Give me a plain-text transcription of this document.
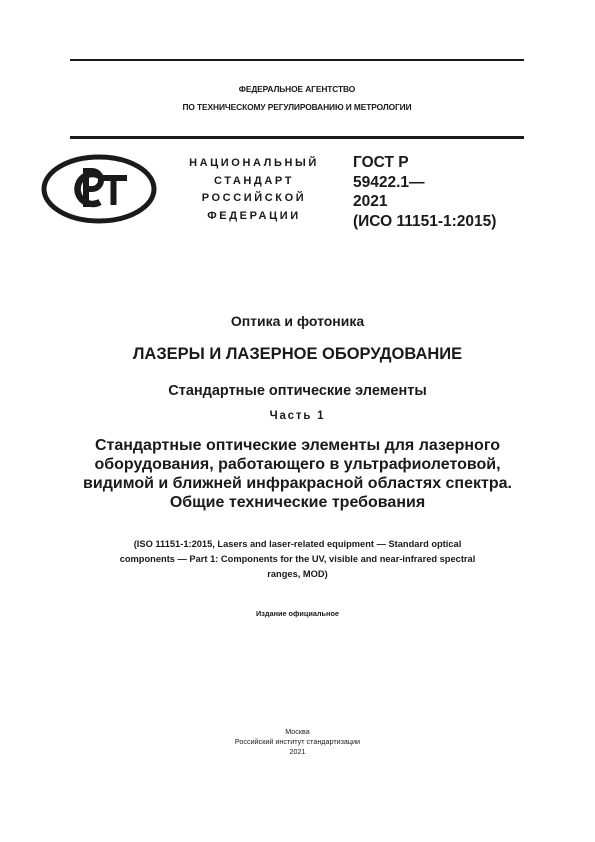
ФЕДЕРАЛЬНОЕ АГЕНТСТВО
ПО ТЕХНИЧЕСКОМУ РЕГУЛИРОВАНИЮ И МЕТРОЛОГИИ
НАЦИОНАЛЬНЫЙ
СТАНДАРТ
РОССИЙСКОЙ
ФЕДЕРАЦИИ
ГОСТ Р
59422.1—
2021
(ИСО 11151-1:2015)
Оптика и фотоника
ЛАЗЕРЫ И ЛАЗЕРНОЕ ОБОРУДОВАНИЕ
Стандартные оптические элементы
Часть 1
Стандартные оптические элементы для лазерного
оборудования, работающего в ультрафиолетовой,
видимой и ближней инфракрасной областях спектра.
Общие технические требования
(ISO 11151-1:2015, Lasers and laser-related equipment — Standard optical
components — Part 1: Components for the UV, visible and near-infrared spectral
ranges, MOD)
Издание официальное
Москва
Российский институт стандартизации
2021
